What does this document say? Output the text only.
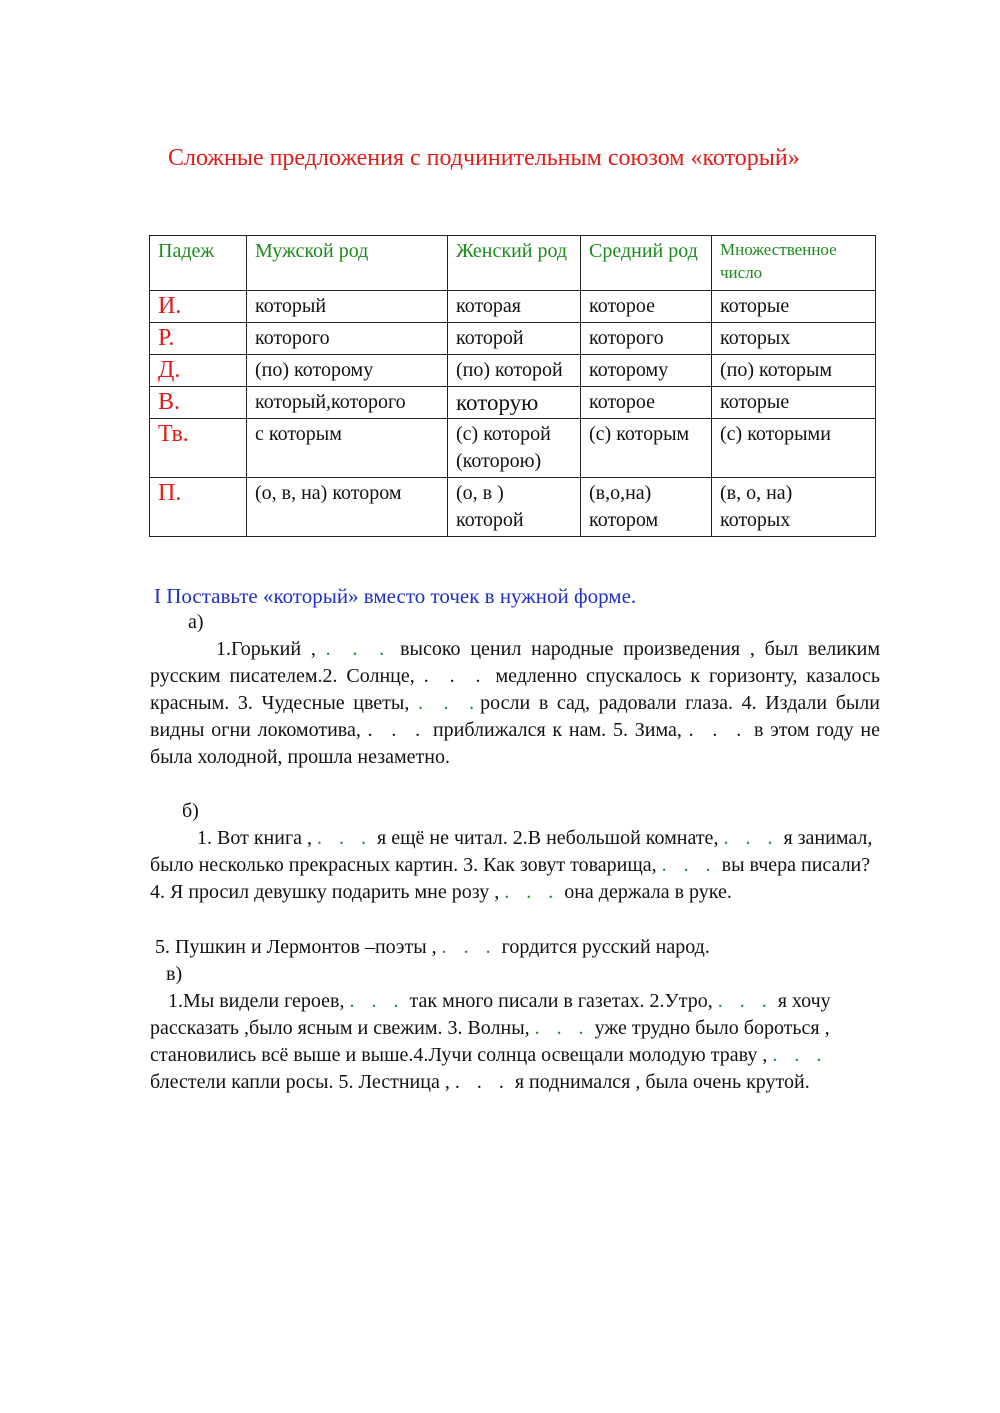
Сложные предложения с подчинительным союзом «который»
Падеж	Мужской род	Женский род	Средний род	Множественное число
И.	который	которая	которое	которые
Р.	которого	которой	которого	которых
Д.	(по) которому	(по) которой	которому	(по) которым
В.	который,которого	которую	которое	которые
Тв.	с которым	(с) которой (которою)	(с) которым	(с) которыми
П.	(о, в, на) котором	(о, в ) которой	(в,о,на) котором	(в, о, на) которых
I Поставьте «который» вместо точек в нужной форме.
а)

1.Горький , . . . высоко ценил народные произведения , был великим русским писателем.2. Солнце, . . . медленно спускалось к горизонту, казалось красным. 3. Чудесные цветы, . . .росли в сад, радовали глаза. 4. Издали были видны огни локомотива, . . . приближался к нам. 5. Зима, . . . в этом году не была холодной, прошла незаметно.

б)

1. Вот книга , . . . я ещё не читал. 2.В небольшой комнате, . . . я занимал, было несколько прекрасных картин. 3. Как зовут товарища, . . . вы вчера писали? 4. Я просил девушку подарить мне розу , . . . она держала в руке.

5. Пушкин и Лермонтов –поэты , . . . гордится русский народ.

в)

1.Мы видели героев, . . . так много писали в газетах. 2.Утро, . . . я хочу рассказать ,было ясным и свежим. 3. Волны, . . . уже трудно было бороться , становились всё выше и выше.4.Лучи солнца освещали молодую траву , . . . блестели капли росы. 5. Лестница , . . . я поднимался , была очень крутой.
